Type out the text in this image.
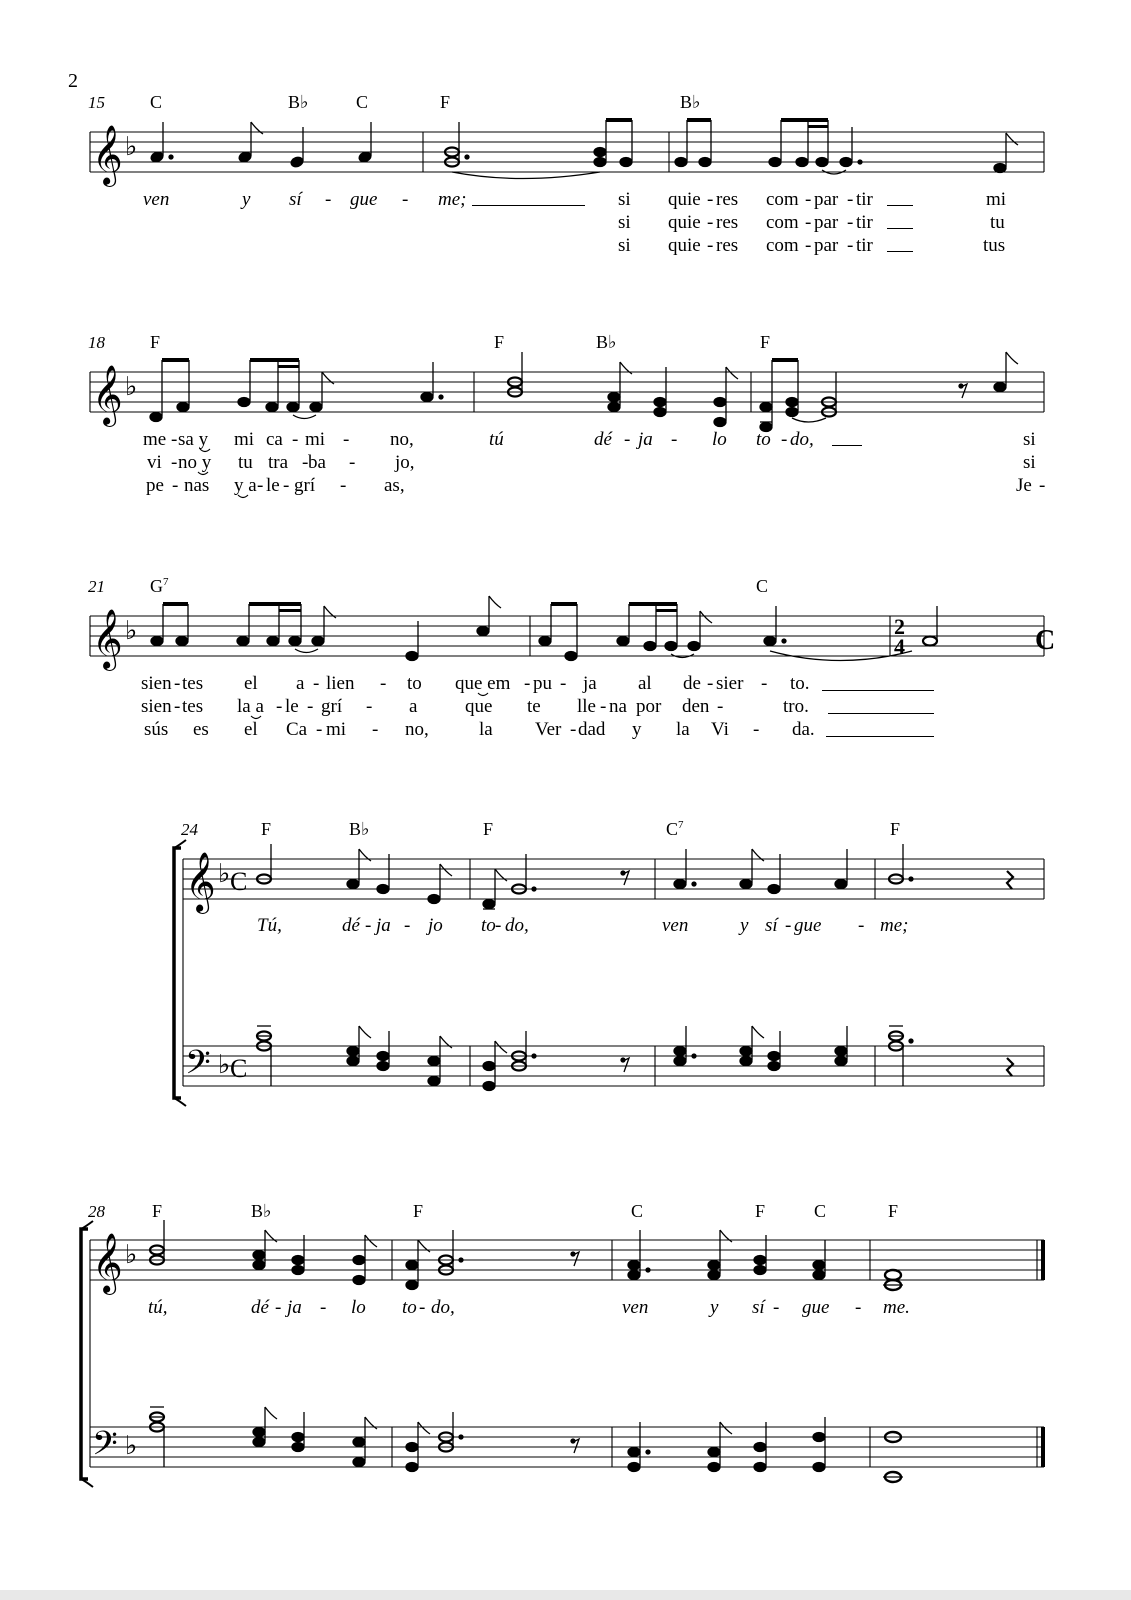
2
15	C	B♭	C	F	B♭
𝄞 ♭
ven	y sí - gue - me;	si quie - res com - par - tir	mi
si quie - res com - par - tir	tu
si quie - res com - par - tir	tus
18	F	F	B♭	F
𝄞 ♭
me - sa y mi ca - mi - no,	tú	dé - ja - lo to - do,	si
vi - no y tu tra - ba - jo,	si
pe - nas y a - le - grí - as,	Je -
21	$G^7$	C
𝄞 ♭	2
4	C
sien - tes el a - lien - to que em - pu - ja al de - sier - to.
sien - tes la a - le - grí - a	que te lle - na por den -	tro.
sús es el Ca - mi - no,	la Ver - dad y la Vi - da.
24	F	B♭	F	$C^7$	F
𝄞 ♭ C
𝄢 ♭ C
Tú,	dé - ja - jo to - do,	ven	y sí - gue - me;
28	F	B♭	F	C	F	C	F
𝄞 ♭
𝄢 ♭
tú,	dé - ja - lo to - do,	ven	y sí - gue - me.
